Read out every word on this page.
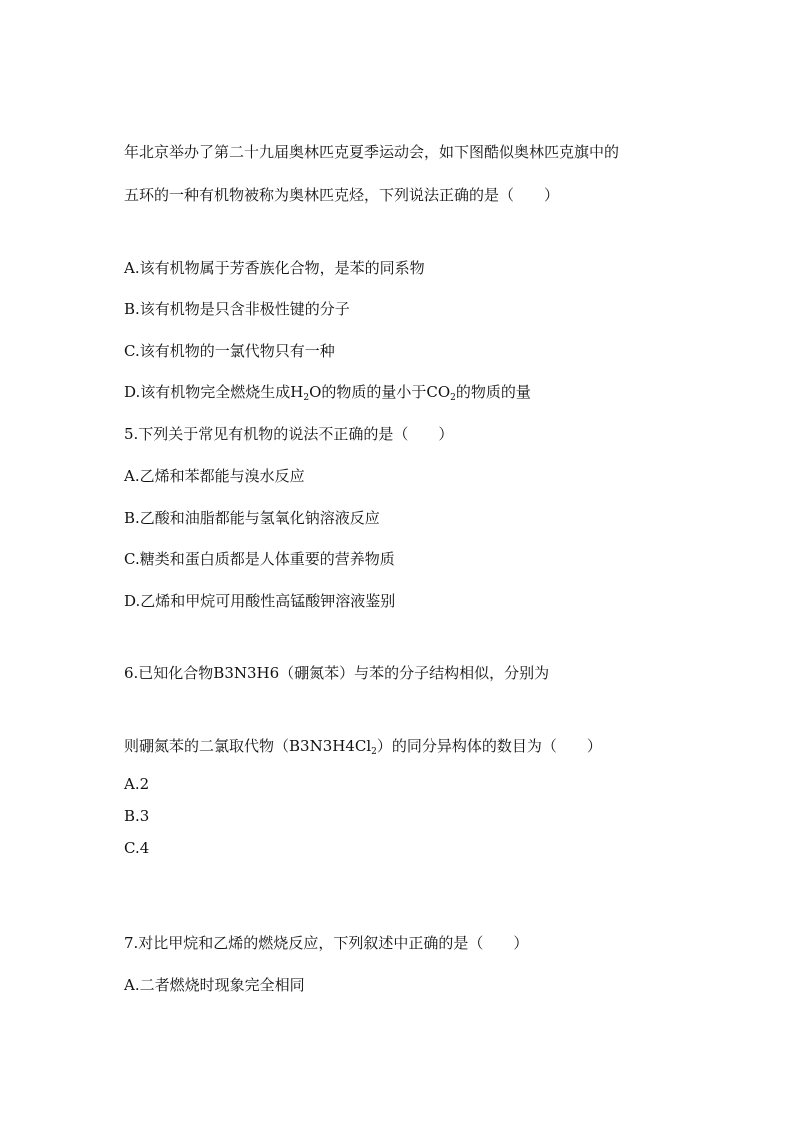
年北京举办了第二十九届奥林匹克夏季运动会，如下图酷似奥林匹克旗中的
五环的一种有机物被称为奥林匹克烃，下列说法正确的是（　　）
A.该有机物属于芳香族化合物，是苯的同系物
B.该有机物是只含非极性键的分子
C.该有机物的一氯代物只有一种
D.该有机物完全燃烧生成$H_2O$的物质的量小于$CO_2$的物质的量
5.下列关于常见有机物的说法不正确的是（　　）
A.乙烯和苯都能与溴水反应
B.乙酸和油脂都能与氢氧化钠溶液反应
C.糖类和蛋白质都是人体重要的营养物质
D.乙烯和甲烷可用酸性高锰酸钾溶液鉴别
6.已知化合物B3N3H6（硼氮苯）与苯的分子结构相似，分别为
则硼氮苯的二氯取代物$(B3N3H4Cl_2)$的同分异构体的数目为（　　）
A.2
B.3
C.4
7.对比甲烷和乙烯的燃烧反应，下列叙述中正确的是（　　）
A.二者燃烧时现象完全相同
